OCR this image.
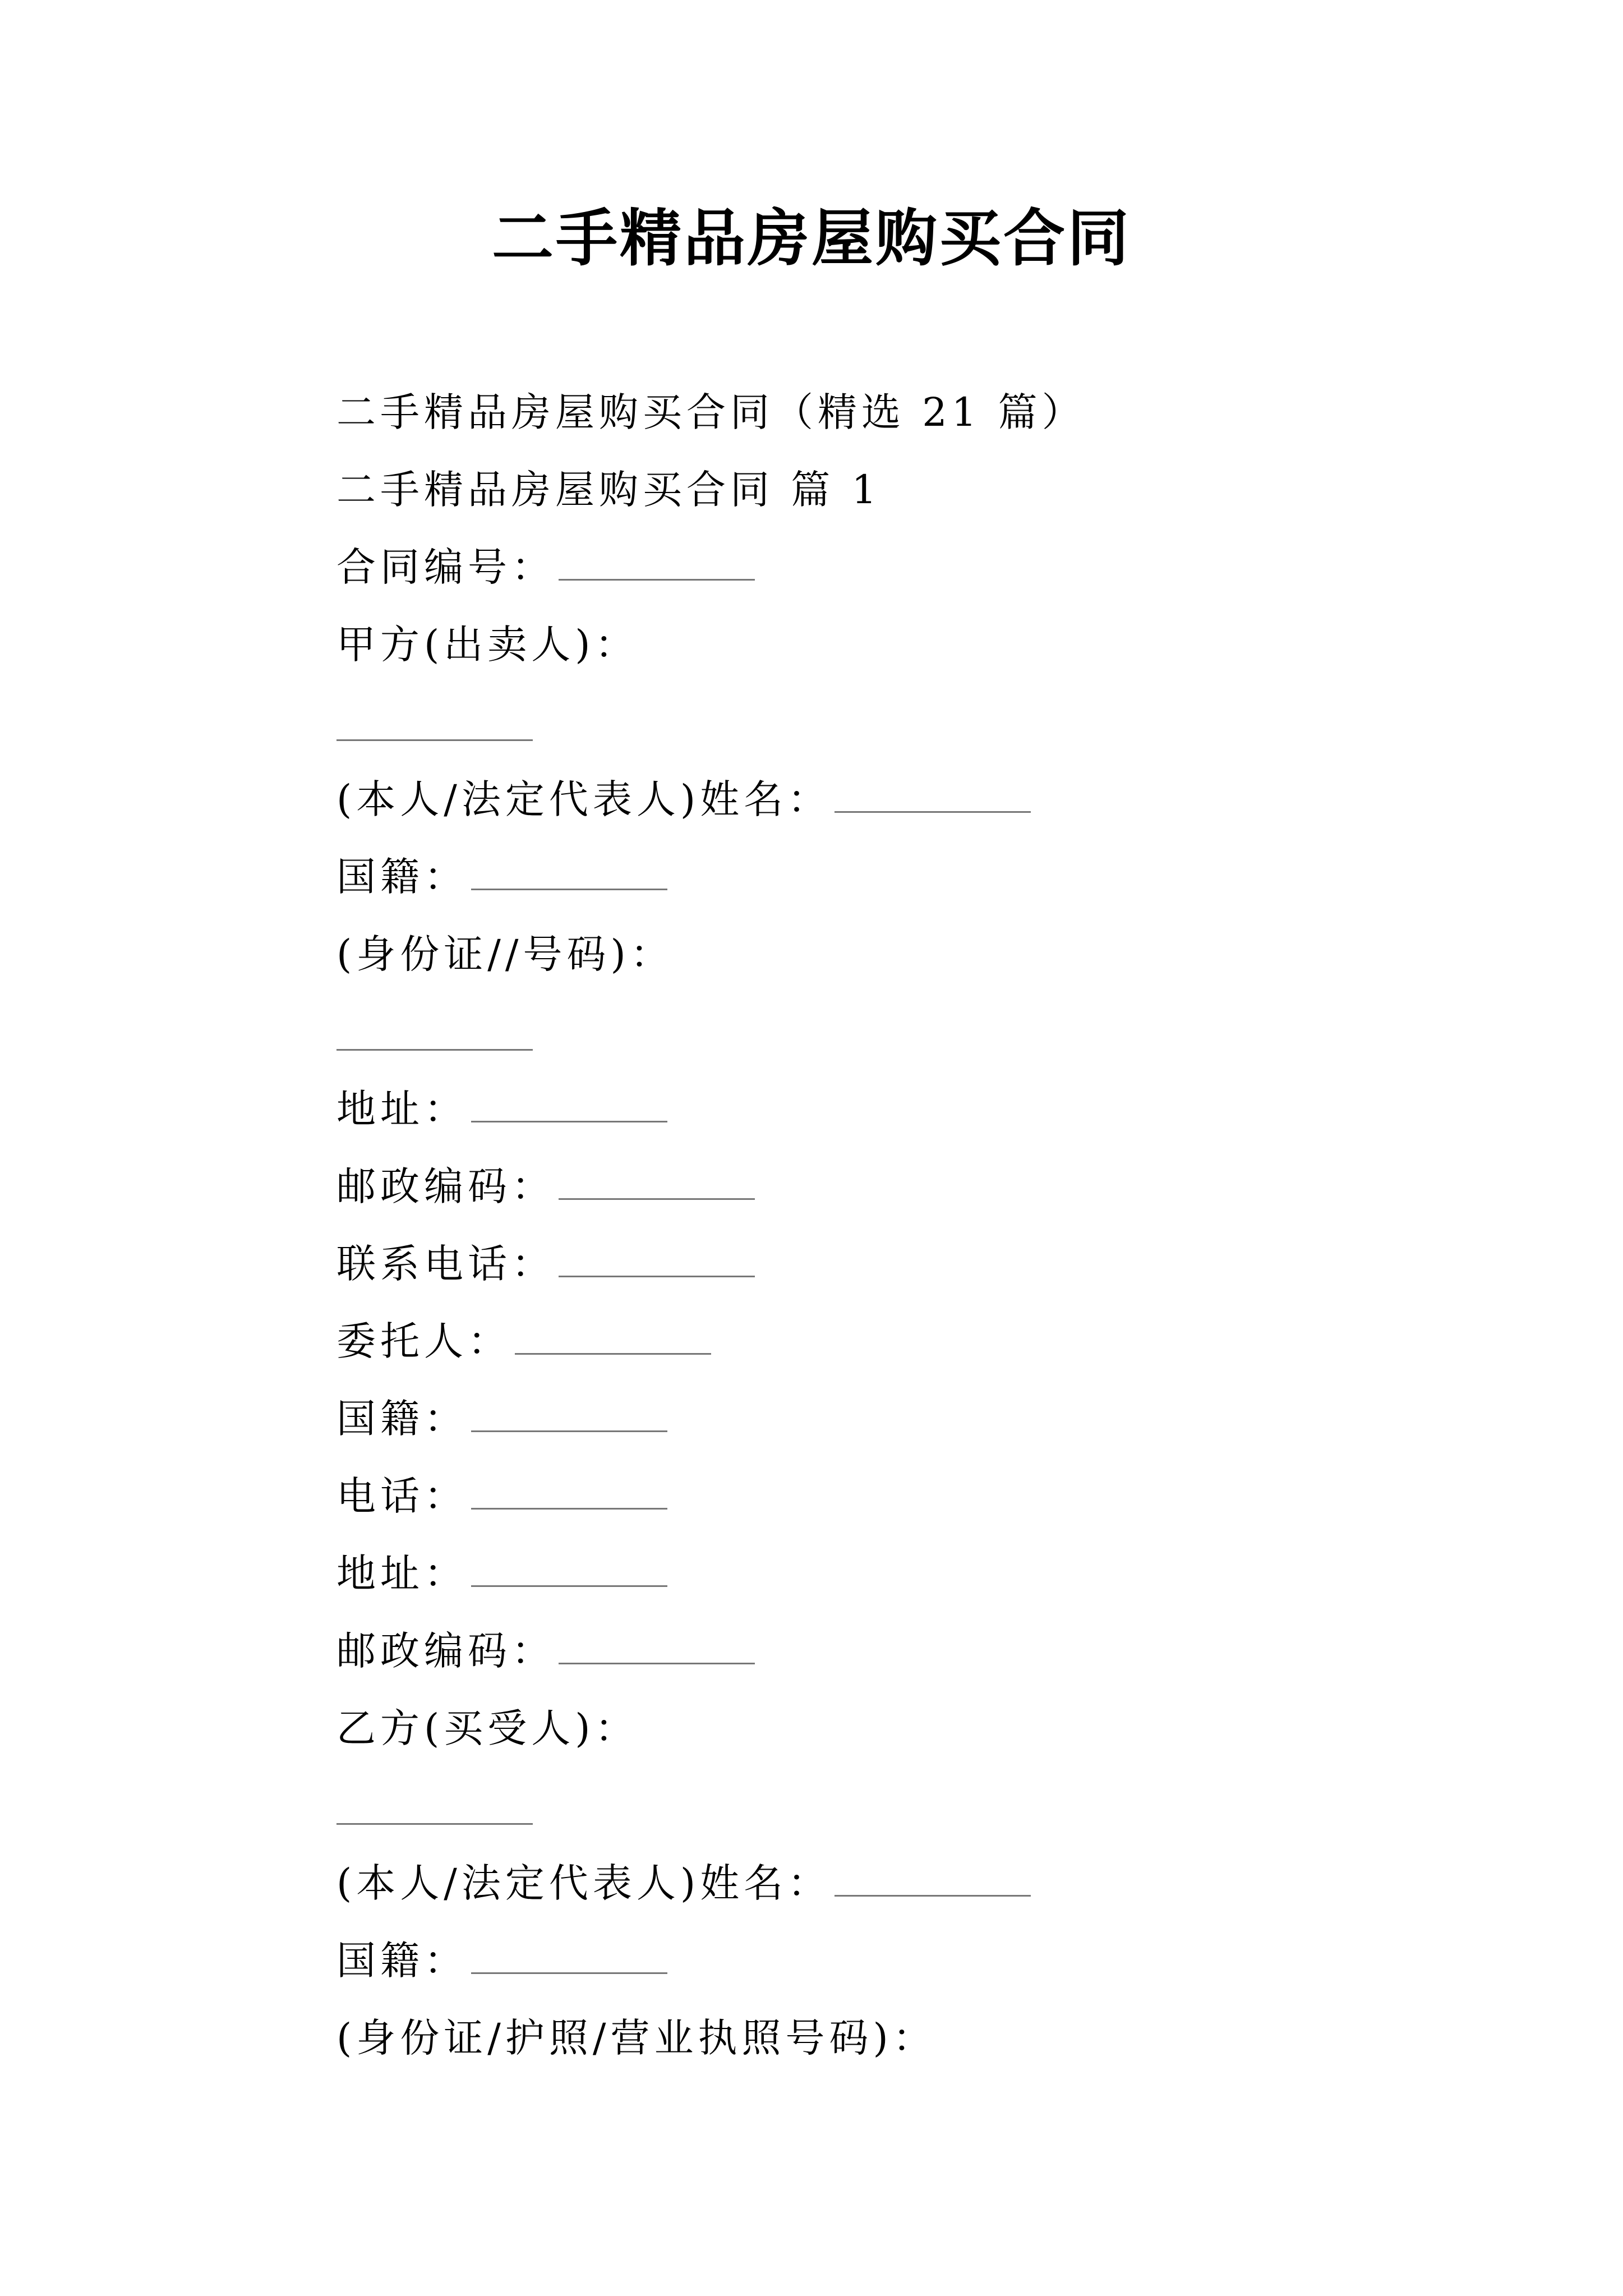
二手精品房屋购买合同
二手精品房屋购买合同（精选 21 篇）
二手精品房屋购买合同 篇 1
合同编号：
甲方(出卖人)：
(本人/法定代表人)姓名：
国籍：
(身份证//号码)：
地址：
邮政编码：
联系电话：
委托人：
国籍：
电话：
地址：
邮政编码：
乙方(买受人)：
(本人/法定代表人)姓名：
国籍：
(身份证/护照/营业执照号码)：
